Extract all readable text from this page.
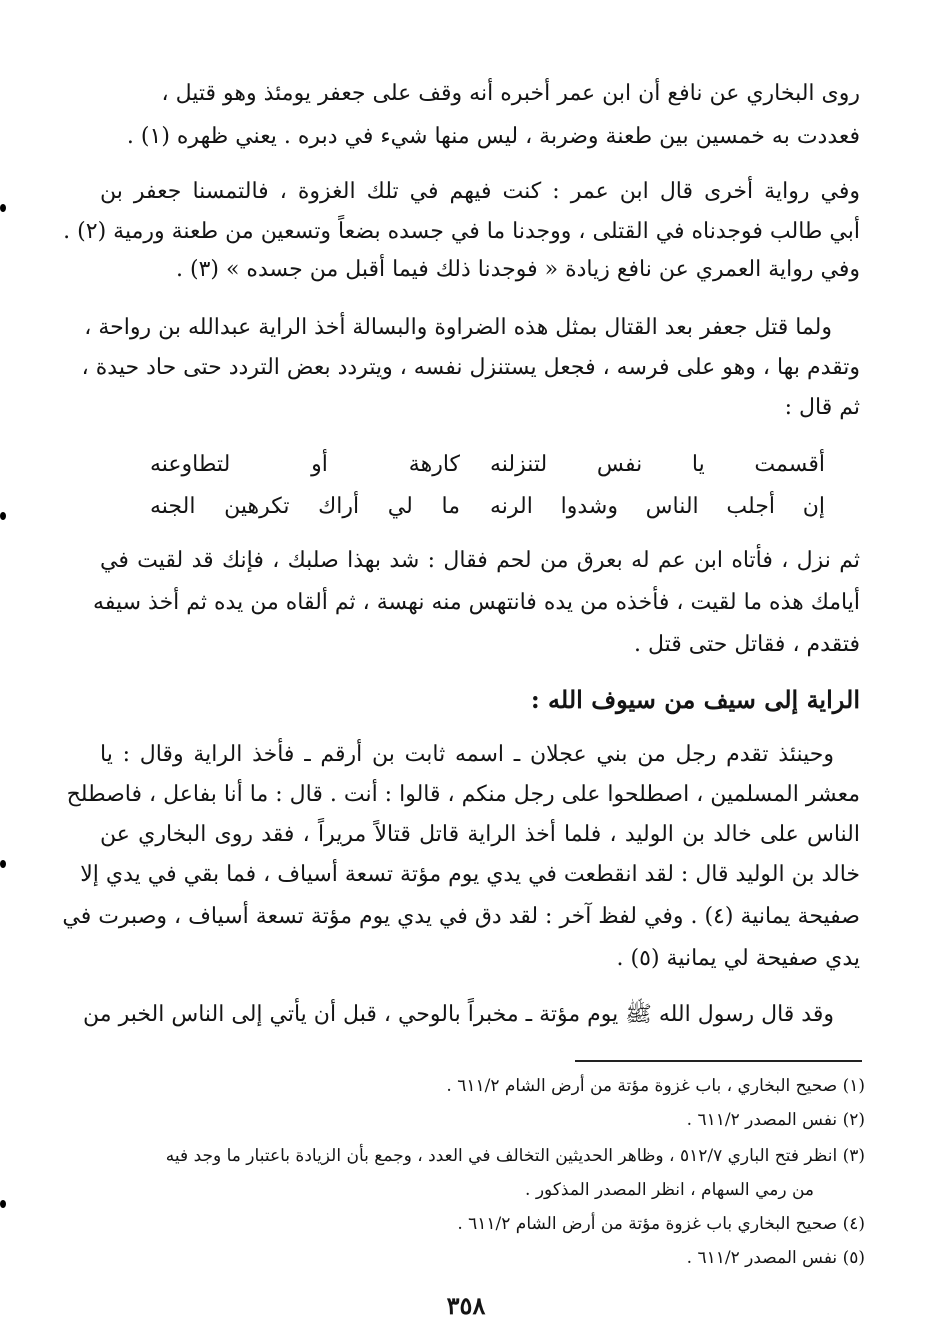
روى البخاري عن نافع أن ابن عمر أخبره أنه وقف على جعفر يومئذ وهو قتيل ،
فعددت به خمسين بين طعنة وضربة ، ليس منها شيء في دبره . يعني ظهره (١) .
وفي رواية أخرى قال ابن عمر : كنت فيهم في تلك الغزوة ، فالتمسنا جعفر بن
أبي طالب فوجدناه في القتلى ، ووجدنا ما في جسده بضعاً وتسعين من طعنة ورمية (٢) .
وفي رواية العمري عن نافع زيادة « فوجدنا ذلك فيما أقبل من جسده » (٣) .
ولما قتل جعفر بعد القتال بمثل هذه الضراوة والبسالة أخذ الراية عبدالله بن رواحة ،
وتقدم بها ، وهو على فرسه ، فجعل يستنزل نفسه ، ويتردد بعض التردد حتى حاد حيدة ،
ثم قال :
أقسمت يا نفس لتنزلنه
كارهة أو لتطاوعنه
إن أجلب الناس وشدوا الرنه
ما لي أراك تكرهين الجنه
ثم نزل ، فأتاه ابن عم له بعرق من لحم فقال : شد بهذا صلبك ، فإنك قد لقيت في
أيامك هذه ما لقيت ، فأخذه من يده فانتهس منه نهسة ، ثم ألقاه من يده ثم أخذ سيفه
فتقدم ، فقاتل حتى قتل .
الراية إلى سيف من سيوف الله :
وحينئذ تقدم رجل من بني عجلان ـ اسمه ثابت بن أرقم ـ فأخذ الراية وقال : يا
معشر المسلمين ، اصطلحوا على رجل منكم ، قالوا : أنت . قال : ما أنا بفاعل ، فاصطلح
الناس على خالد بن الوليد ، فلما أخذ الراية قاتل قتالاً مريراً ، فقد روى البخاري عن
خالد بن الوليد قال : لقد انقطعت في يدي يوم مؤتة تسعة أسياف ، فما بقي في يدي إلا
صفيحة يمانية (٤) . وفي لفظ آخر : لقد دق في يدي يوم مؤتة تسعة أسياف ، وصبرت في
يدي صفيحة لي يمانية (٥) .
وقد قال رسول الله ﷺ يوم مؤتة ـ مخبراً بالوحي ، قبل أن يأتي إلى الناس الخبر من
(١) صحيح البخاري ، باب غزوة مؤتة من أرض الشام ٦١١/٢ .
(٢) نفس المصدر ٦١١/٢ .
(٣) انظر فتح الباري ٥١٢/٧ ، وظاهر الحديثين التخالف في العدد ، وجمع بأن الزيادة باعتبار ما وجد فيه
من رمي السهام ، انظر المصدر المذكور .
(٤) صحيح البخاري باب غزوة مؤتة من أرض الشام ٦١١/٢ .
(٥) نفس المصدر ٦١١/٢ .
٣٥٨
